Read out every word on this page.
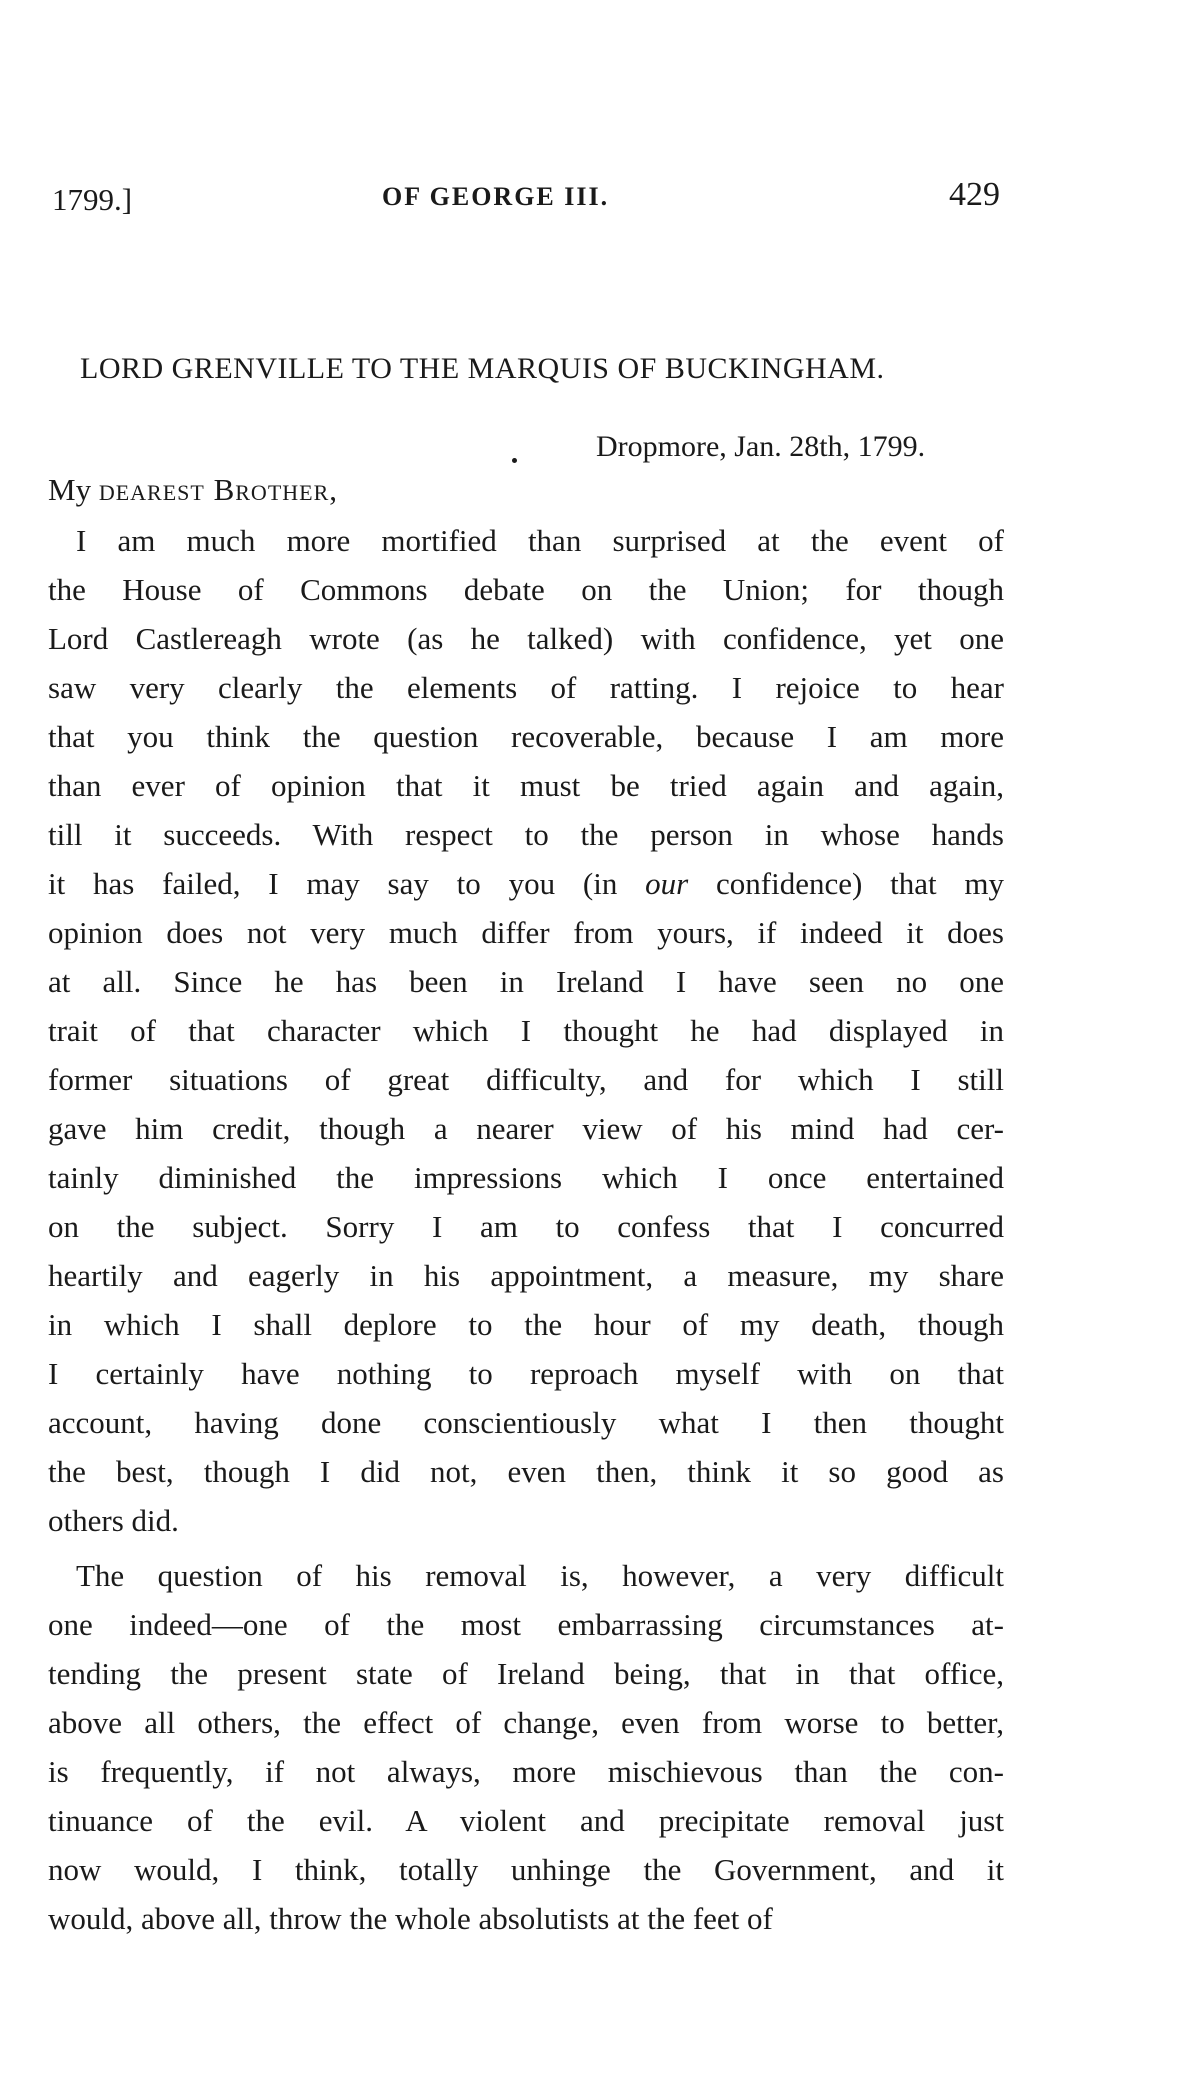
1799.]	OF GEORGE III.	429
LORD GRENVILLE TO THE MARQUIS OF BUCKINGHAM.
Dropmore, Jan. 28th, 1799.
My dearest Brother,
I am much more mortified than surprised at the event of
the House of Commons debate on the Union; for though
Lord Castlereagh wrote (as he talked) with confidence, yet one
saw very clearly the elements of ratting. I rejoice to hear
that you think the question recoverable, because I am more
than ever of opinion that it must be tried again and again,
till it succeeds. With respect to the person in whose hands
it has failed, I may say to you (in our confidence) that my
opinion does not very much differ from yours, if indeed it does
at all. Since he has been in Ireland I have seen no one
trait of that character which I thought he had displayed in
former situations of great difficulty, and for which I still
gave him credit, though a nearer view of his mind had cer-
tainly diminished the impressions which I once entertained
on the subject. Sorry I am to confess that I concurred
heartily and eagerly in his appointment, a measure, my share
in which I shall deplore to the hour of my death, though
I certainly have nothing to reproach myself with on that
account, having done conscientiously what I then thought
the best, though I did not, even then, think it so good as
others did.
The question of his removal is, however, a very difficult
one indeed—one of the most embarrassing circumstances at-
tending the present state of Ireland being, that in that office,
above all others, the effect of change, even from worse to better,
is frequently, if not always, more mischievous than the con-
tinuance of the evil. A violent and precipitate removal just
now would, I think, totally unhinge the Government, and it
would, above all, throw the whole absolutists at the feet of
